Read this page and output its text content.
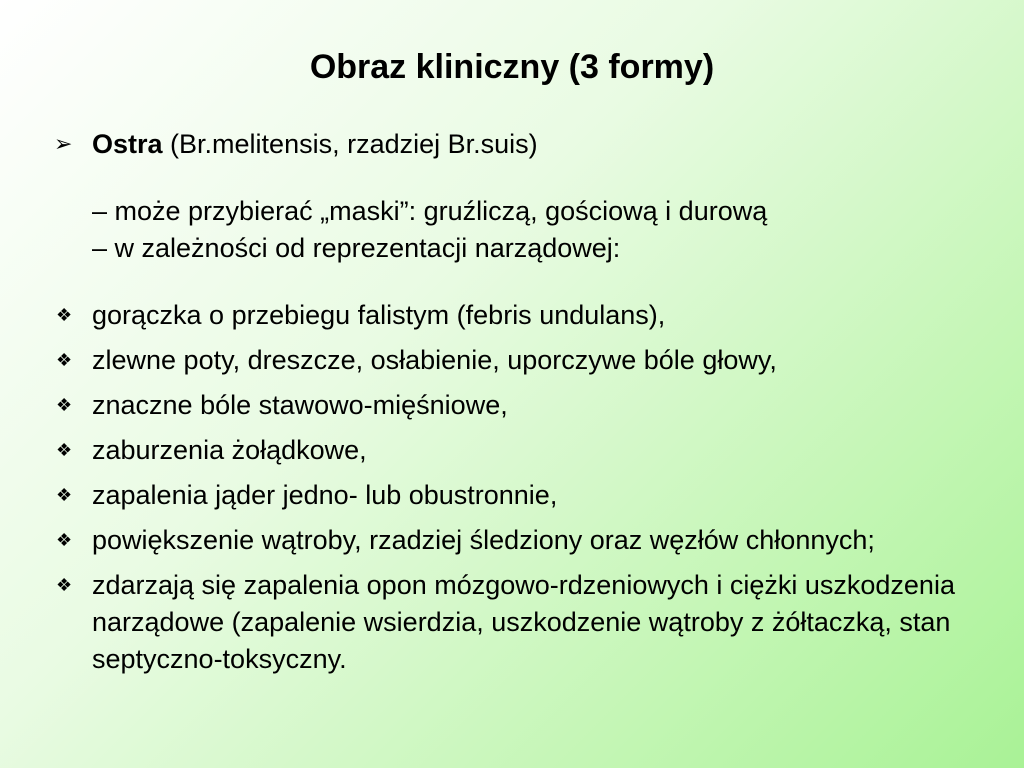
Obraz kliniczny (3 formy)
➢ Ostra (Br.melitensis, rzadziej Br.suis)
– może przybierać „maski”: gruźliczą, gościową i durową
– w zależności od reprezentacji narządowej:
❖ gorączka o przebiegu falistym (febris undulans),
❖ zlewne poty, dreszcze, osłabienie, uporczywe bóle głowy,
❖ znaczne bóle stawowo-mięśniowe,
❖ zaburzenia żołądkowe,
❖ zapalenia jąder jedno- lub obustronnie,
❖ powiększenie wątroby, rzadziej śledziony oraz węzłów chłonnych;
❖ zdarzają się zapalenia opon mózgowo-rdzeniowych i ciężki uszkodzenia narządowe (zapalenie wsierdzia, uszkodzenie wątroby z żółtaczką, stan septyczno-toksyczny.
